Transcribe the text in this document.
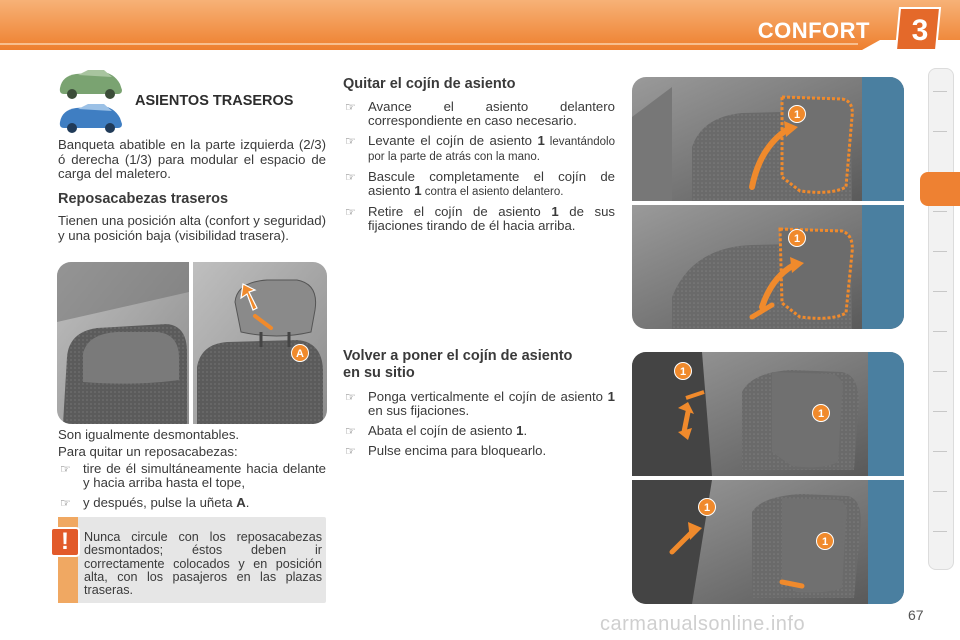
CONFORT 3
ASIENTOS TRASEROS
Banqueta abatible en la parte izquierda (2/3) ó derecha (1/3) para modular el espacio de carga del maletero.
Reposacabezas traseros
Tienen una posición alta (confort y seguridad) y una posición baja (visibilidad trasera).
A
Son igualmente desmontables.
Para quitar un reposacabezas:
☞ tire de él simultáneamente hacia delante y hacia arriba hasta el tope,
☞ y después, pulse la uñeta A.
!	Nunca circule con los reposacabezas desmontados; éstos deben ir correctamente colocados y en posición alta, con los pasajeros en las plazas traseras.
Quitar el cojín de asiento
☞ Avance el asiento delantero correspondiente en caso necesario.
☞ Levante el cojín de asiento 1 levantándolo por la parte de atrás con la mano.
☞ Bascule completamente el cojín de asiento 1 contra el asiento delantero.
☞ Retire el cojín de asiento 1 de sus fijaciones tirando de él hacia arriba.
Volver a poner el cojín de asiento en su sitio
☞ Ponga verticalmente el cojín de asiento 1 en sus fijaciones.
☞ Abata el cojín de asiento 1.
☞ Pulse encima para bloquearlo.
1
1
1
1
1
1
carmanualsonline.info	67
